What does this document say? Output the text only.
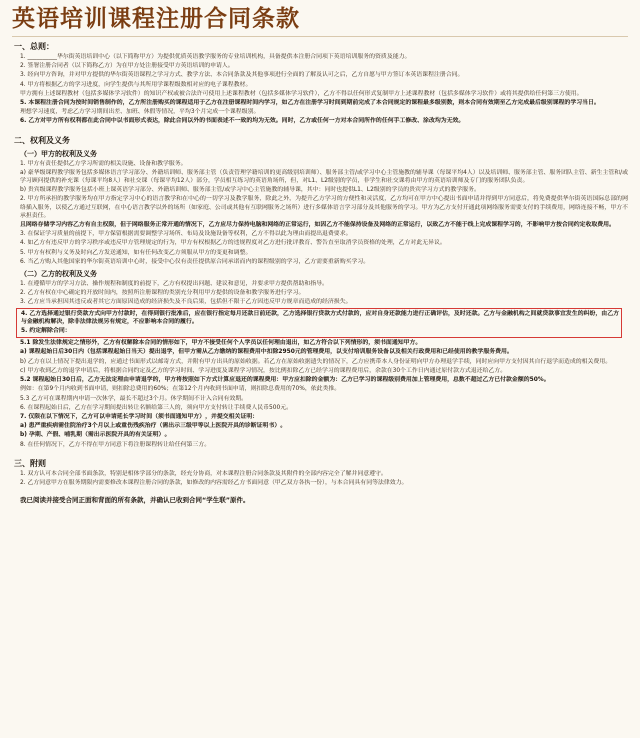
英语培训课程注册合同条款
一、总则：
1. __________华尔街英语培训中心（以下简称甲方）为提供优质英语教学服务的专业培训机构，具备提供本注册合同项下英语培训服务的资质及能力。
2. 签署注册合同者（以下简称乙方）为在甲方处注册接受甲方英语培训的申请人。
3. 经向甲方咨询，并对甲方提供的华尔街英语课程之学习方式、教学方法、本合同条款及其他事项进行全面的了解及认可之后，乙方自愿与甲方签订本英语课程注册合同。
4. 甲方将根据乙方的学习进度，向学生提供与其所用学课程级数相对应的电子课程教材。
甲方拥有上述课程教材（包括多媒体学习软件）的知识产权或被合法许可使用上述课程教材（包括多媒体学习软件），乙方不得以任何形式复制甲方上述课程教材（包括多媒体学习软件）或将其提供给任何第三方使用。
5. 本课程注册合同为按时间销售制作的，乙方所注册购买的课程适用于乙方在注册课程时间内学习，如乙方在注册学习时间到期前完成了本合同规定的课程最多级别数，则本合同有效期至乙方完成最后级别课程的学习当日。
理想学习速度，考虑乙方学习期间出差、加班、休假等情况，平均3个月完成一个课程级别。
6. 乙方对甲方所有权利都在此合同中以书面形式表达，除此合同以外的书面表述不一致的均为无效。同时，乙方或任何一方对本合同所作的任何手工修改、涂改均为无效。
二、权利及义务
（一）甲方的权利及义务
1. 甲方有责任提供乙方学习所需的相关设施、设备和教学服务。
a) 豪华级课程教学服务包括多媒体语言学习部分、外籍培训师、服务部主管（负责管理学籍培训的更高级别培训师）、服务部主管/或学习中心主管施教的辅导课（每课平均4人）以及培训师、服务部主管、服务团队主管、新生主管和/或学习顾问提供的补充课（每课平均8人）和社交课（每课平均12人）部分，学员相互练习的英语角场所，但，对L1、L2级别的学员，非学生和社交课将由甲方的英语培训师及专门的服务团队负责。
b) 贵宾级课程教学服务包括小班上课英语学习部分、外籍培训师、服务部主管/或学习中心主管施教的辅导课，其中：同时也提供L1、L2级别的学员的贵宾学习方式的教学服务。
2. 甲方所承担的教学服务均在甲方指定学习中心的语言教学和在中心的一切学习及教学服务，除此之外，为提升乙方学习的方便性和灵活度，乙方均可在甲方中心提出书面申请并得到甲方同意后，将免费提供华尔街英语国际总部的网络插入服务，以使乙方通过互联网，在中心语言教学以外的场所（如家庭、公司或其他有互联网服务之场所）进行多媒体语言学习部分及其他服务的学习。甲方为乙方支付开通此项网络服务需要支付的手续费用，网络连接不畅，甲方不承担责任。
且网络存储学习内容乙方有自主权限，但于网络服务正常开通的情况下，乙方应尽力保持电脑和网络的正常运行，如因乙方不能保持设备及网络的正常运行，以致乙方不能于线上完成课程学习的，不影响甲方按合同约定收取费用。
3. 在保证学习质量的前提下，甲方保留根据需要调整学习场所、布局及设施设备等权利，乙方不得以此为理由而提出退费要求。
4. 如乙方有违反甲方的学习秩序或违反甲方管理规定的行为，甲方有权根据乙方的违规程度对乙方进行批评教育、警告直至取消学员资格的处理，乙方对此无异议。
5. 甲方有权利与义务及时向乙方发送通知，如有任何改变乙方须服从甲方的变更和调整。
6. 当乙方购入其他国家的华尔街英语培训中心时，接受中心仅有责任提供原合同承诺而内的课程级别的学习，乙方需要重新购买学习。
（二）乙方的权利及义务
1. 在遵循甲方的学习方法、操作规程和制度的前提下，乙方有权提出问题、建议和意见，并要求甲方提供帮助和指导。
2. 乙方有权在中心确定的开放时间内，按照所注册课程的类别充分利用甲方提供的设备和教学服务进行学习。
3. 乙方应当承担因其违反或者其它方面原因造成的经济损失及不良后果，包括但不限于乙方因违反甲方规章而造成的经济损失。
4. 乙方选择通过银行贷款方式向甲方付款时，在得到银行批准后，应在银行指定每月还款日前还款，乙方选择银行贷款方式付款的，应对自身还款能力进行正确评估，及时还款。乙方与金融机构之间就贷款事宜发生的纠纷，由乙方与金融机构解决，除非法律法规另有规定，不应影响本合同的履行。
5. 约定解除合同：
5.1 除发生法律规定之情形外，乙方有权解除本合同的情形如下，甲方不接受任何个人学员以任何理由退出，如乙方符合以下列情形的，须书面通知甲方。
a) 课程起始日后30日内（包括课程起始日当天）提出退学，但甲方需从乙方缴纳的课程费用中扣除2950元的管理费用，以支付培训服务设备以及相关行政费用和已经使用的教学服务费用。
b) 乙方在以上情况下提出退学的，应通过书面形式以邮寄方式，并附有甲方出具的原始收据。若乙方在原始收据遗失的情况下，乙方应携带本人身份证明向甲方办理退学手续，同时应向甲方支付因其自行退学而造成的相关费用。
c) 甲方收到乙方的退学申请后，将根据合同约定及乙方的学习时间、学习进度及课程学习情况，按比例扣除乙方已经学习的课程费用后，余款在30个工作日内通过原付款方式退还给乙方。
5.2 课程起始日30日后，乙方无法定理由申请退学的，甲方将按照如下方式计算应退还的课程费用：甲方应扣除的金额为：乙方已学习的课程级别费用加上管理费用，总数不超过乙方已付款金额的50%。
例如：在第9个月内收到书面申请，则扣除总费用的60%；在第12个月内收到书面申请，则扣除总费用的70%，依此类推。
5.3 乙方可在课程期内申请一次休学，最长不超过3个月。休学期间不计入合同有效期。
6. 在课程起始日后，乙方在学习期间提出转让名额给第三人的，须向甲方支付转让手续费人民币500元。
7. 仅限在以下情况下，乙方可以申请延长学习时间（须书面通知甲方），并提交相关证明：
a) 患严重疾病需住院治疗3个月以上或重伤残疾治疗（需出示三级甲等以上医院开具的诊断证明书）。
b) 孕期、产假、哺乳期（需出示医院开具的有关证明）。
8. 在任何情况下，乙方不得在甲方同意下将注册课程转让给任何第三方。
三、附则
1. 双方认可本合同全部书面条款，特别是相体学部分的条款，经充分协商，对本课程注册合同条款及其附件的全部内容完全了解并同意遵守。
2. 乙方同意甲方在服务期限内需要修改本课程注册合同的条款，如修改的内容需经乙方书面同意（甲乙双方各执一份），与本合同具有同等法律效力。
我已阅读并接受合同正面和背面的所有条款，并确认已收到合同“学生联”原件。
